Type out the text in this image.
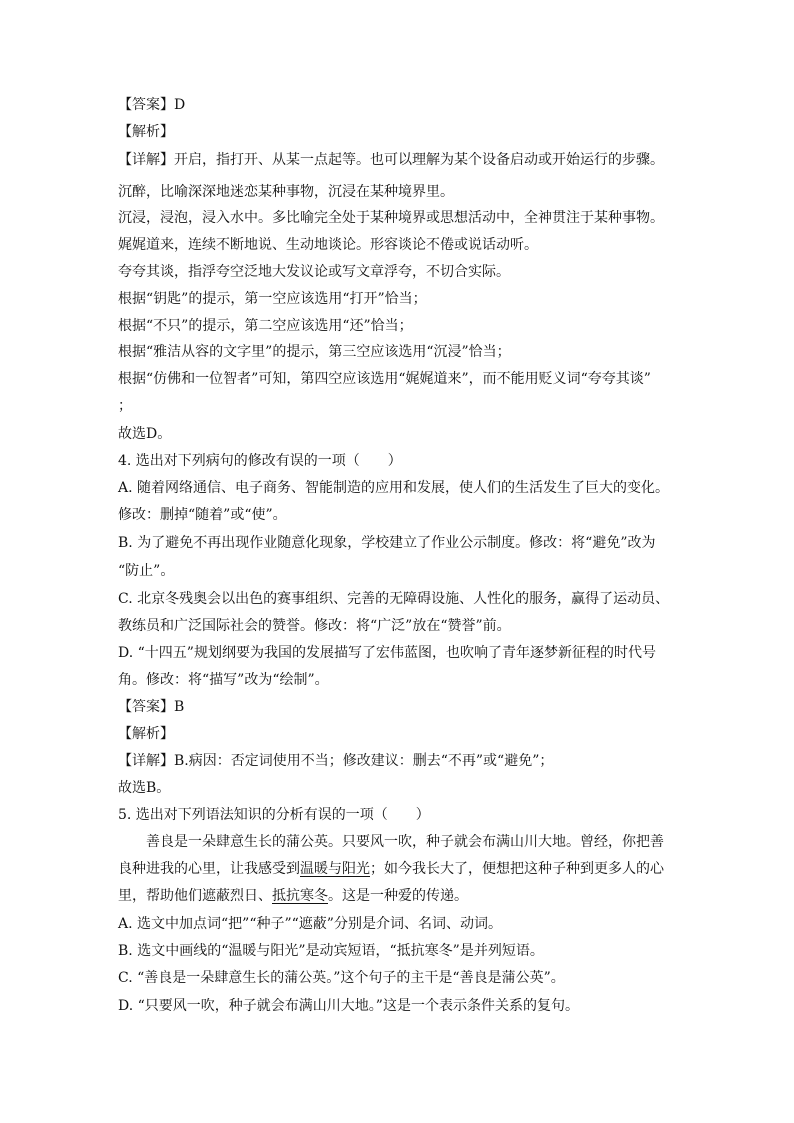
【答案】D
【解析】
【详解】开启，指打开、从某一点起等。也可以理解为某个设备启动或开始运行的步骤。
沉醉，比喻深深地迷恋某种事物，沉浸在某种境界里。
沉浸，浸泡，浸入水中。多比喻完全处于某种境界或思想活动中，全神贯注于某种事物。
娓娓道来，连续不断地说、生动地谈论。形容谈论不倦或说话动听。
夸夸其谈，指浮夸空泛地大发议论或写文章浮夸，不切合实际。
根据“钥匙”的提示，第一空应该选用“打开”恰当；
根据“不只”的提示，第二空应该选用“还”恰当；
根据“雅洁从容的文字里”的提示，第三空应该选用“沉浸”恰当；
根据“仿佛和一位智者”可知，第四空应该选用“娓娓道来”，而不能用贬义词“夸夸其谈”
；
故选D。
4. 选出对下列病句的修改有误的一项（　　）
A. 随着网络通信、电子商务、智能制造的应用和发展，使人们的生活发生了巨大的变化。
修改：删掉“随着”或“使”。
B. 为了避免不再出现作业随意化现象，学校建立了作业公示制度。修改：将“避免”改为
“防止”。
C. 北京冬残奥会以出色的赛事组织、完善的无障碍设施、人性化的服务，赢得了运动员、
教练员和广泛国际社会的赞誉。修改：将“广泛”放在“赞誉”前。
D. “十四五”规划纲要为我国的发展描写了宏伟蓝图，也吹响了青年逐梦新征程的时代号
角。修改：将“描写”改为“绘制”。
【答案】B
【解析】
【详解】B.病因：否定词使用不当；修改建议：删去“不再”或“避免”；
故选B。
5. 选出对下列语法知识的分析有误的一项（　　）
善良是一朵肆意生长的蒲公英。只要风一吹，种子就会布满山川大地。曾经，你把善
良种进我的心里，让我感受到温暖与阳光；如今我长大了，便想把这种子种到更多人的心
里，帮助他们遮蔽烈日、抵抗寒冬。这是一种爱的传递。
A. 选文中加点词“把”“种子”“遮蔽”分别是介词、名词、动词。
B. 选文中画线的“温暖与阳光”是动宾短语，“抵抗寒冬”是并列短语。
C. “善良是一朵肆意生长的蒲公英。”这个句子的主干是“善良是蒲公英”。
D. “只要风一吹，种子就会布满山川大地。”这是一个表示条件关系的复句。
